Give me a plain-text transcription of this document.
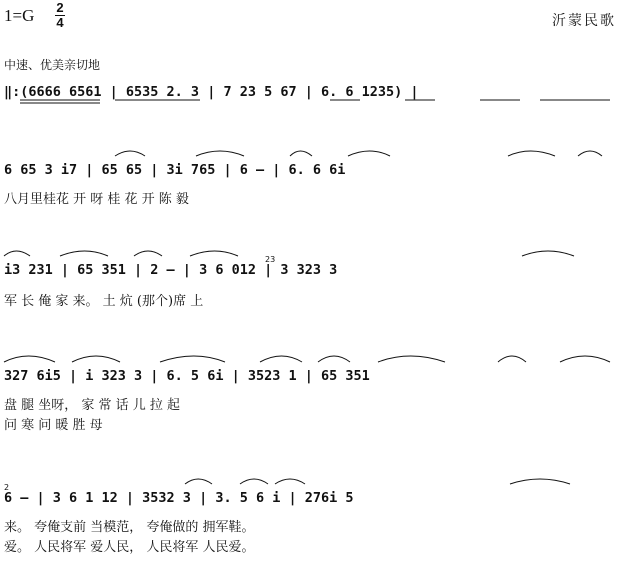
1=G 2
4	沂蒙民歌
中速、优美亲切地
‖:(6666 6561 | 6535 2. 3 | 7 23 5 67 | 6. 6 1235) |
6 65 3 i7 | 65 65 | 3i 765 | 6 – | 6. 6 6i
八月里桂花 开 呀 桂 花 开 陈 毅
i3 231 | 65 351 | 2 – | 3 6 012 | 3 323 3
军 长 俺 家 来。 土 炕 (那个)席 上
327 6i5 | i 323 3 | 6. 5 6i | 3523 1 | 65 351
盘 腿 坐呀， 家 常 话 儿 拉 起
问 寒 问 暖 胜 母
6 – | 3 6 1 12 | 3532 3 | 3. 5 6 i | 276i 5
来。 夸俺支前 当模范， 夸俺做的 拥军鞋。
爱。 人民将军 爱人民， 人民将军 人民爱。
23
2
